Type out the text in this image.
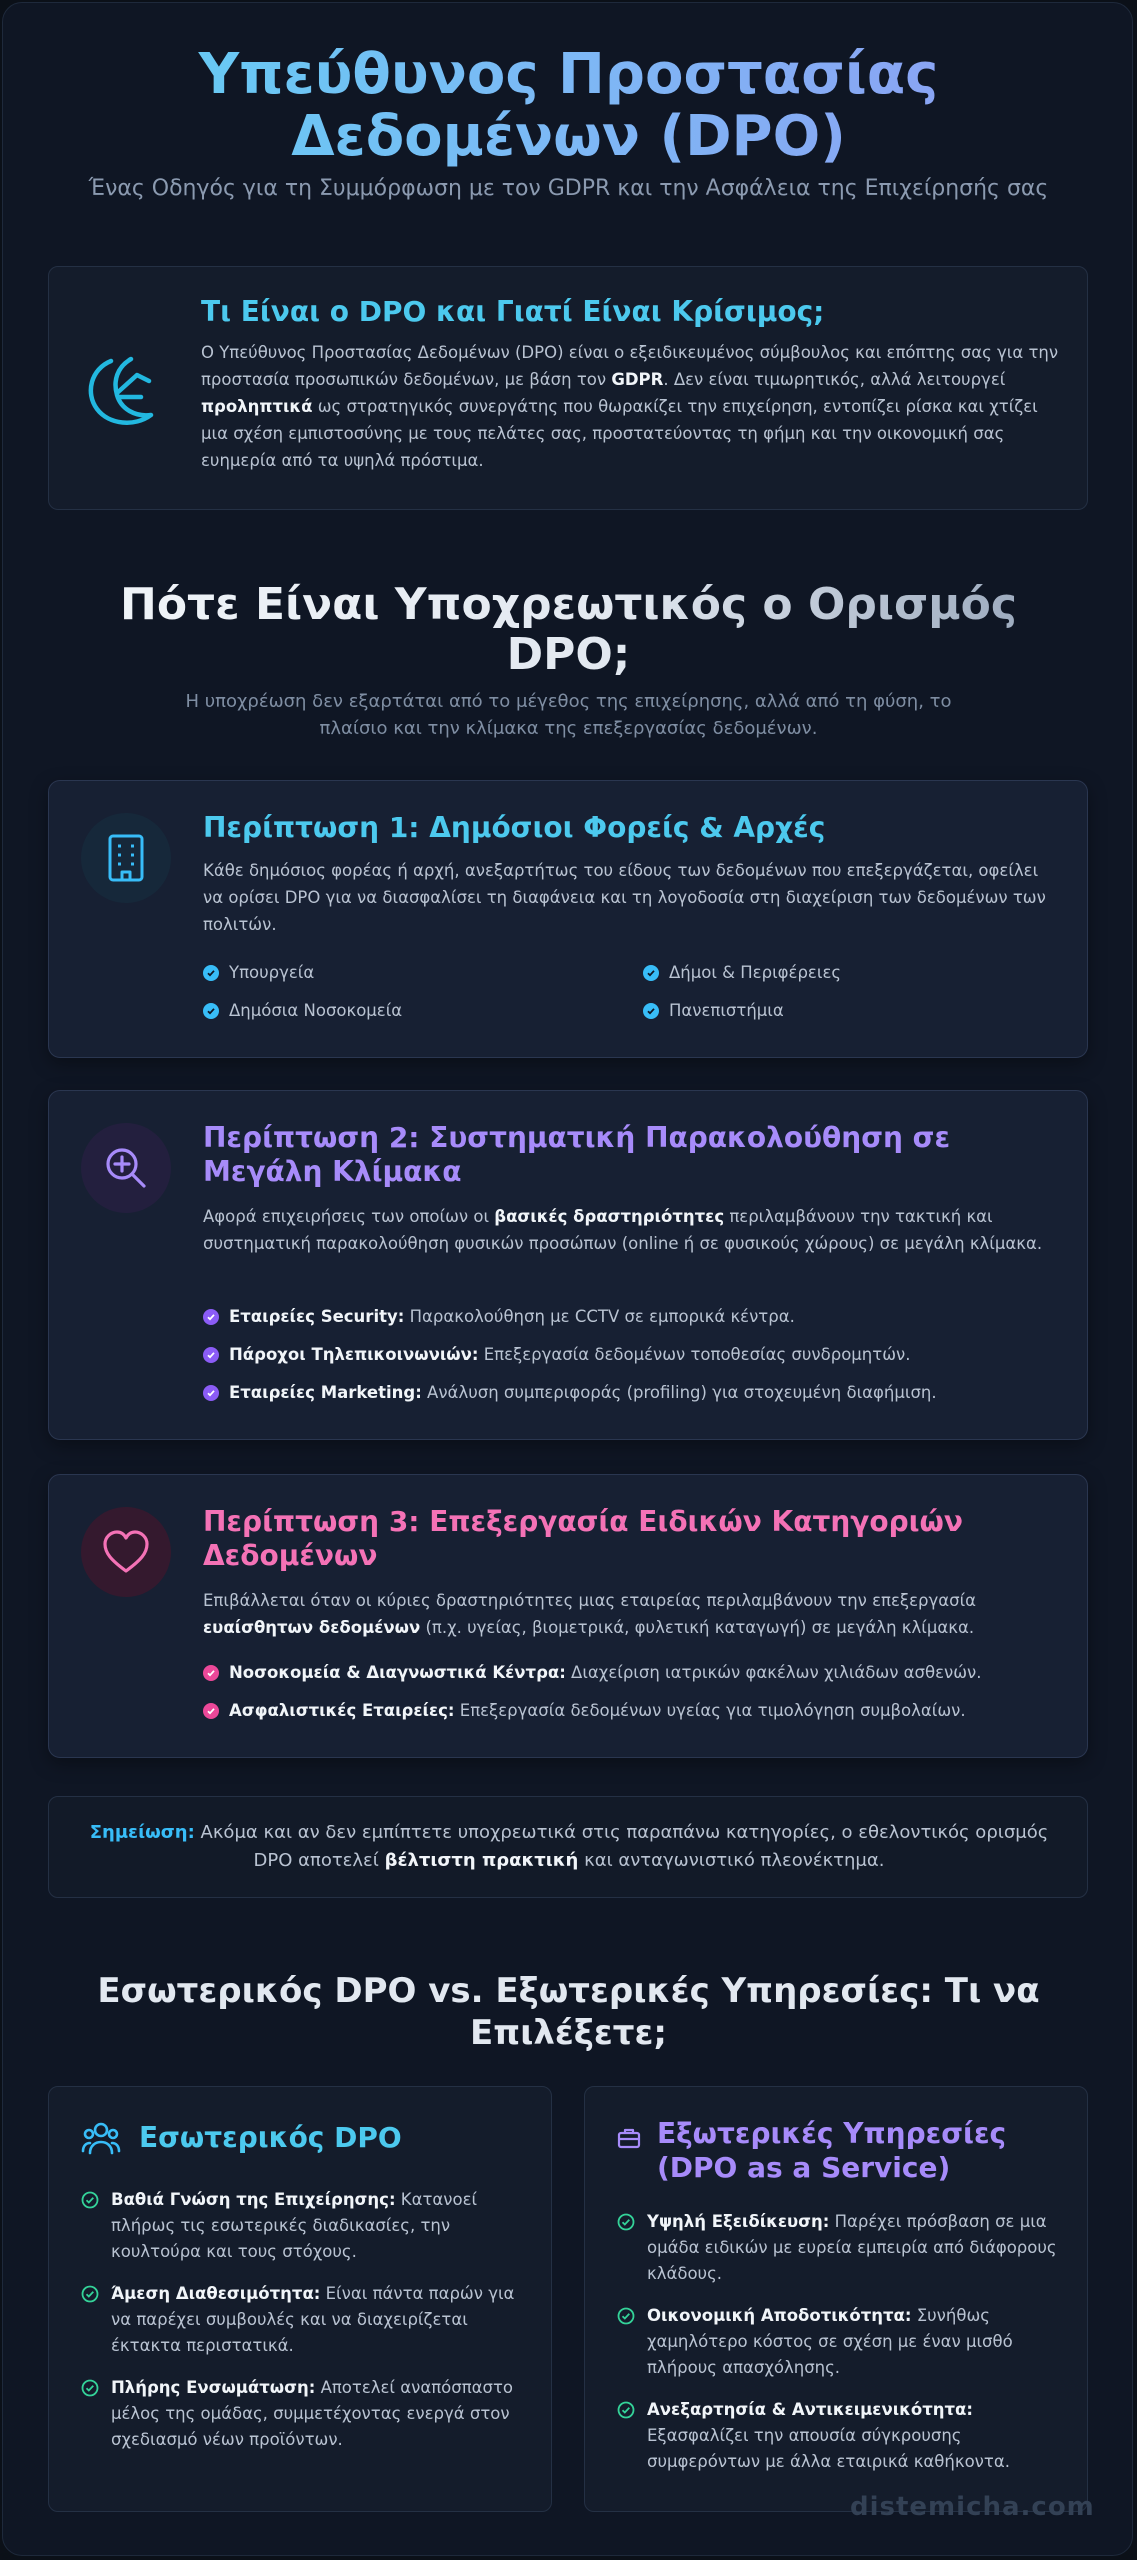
Υπεύθυνος Προστασίας Δεδομένων (DPO)
Ένας Οδηγός για τη Συμμόρφωση με τον GDPR και την Ασφάλεια της Επιχείρησής σας
Τι Είναι ο DPO και Γιατί Είναι Κρίσιμος;
Ο Υπεύθυνος Προστασίας Δεδομένων (DPO) είναι ο εξειδικευμένος σύμβουλος και επόπτης σας για την προστασία προσωπικών δεδομένων, με βάση τον GDPR. Δεν είναι τιμωρητικός, αλλά λειτουργεί προληπτικά ως στρατηγικός συνεργάτης που θωρακίζει την επιχείρηση, εντοπίζει ρίσκα και χτίζει μια σχέση εμπιστοσύνης με τους πελάτες σας, προστατεύοντας τη φήμη και την οικονομική σας ευημερία από τα υψηλά πρόστιμα.
Πότε Είναι Υποχρεωτικός ο Ορισμός DPO;
Η υποχρέωση δεν εξαρτάται από το μέγεθος της επιχείρησης, αλλά από τη φύση, το πλαίσιο και την κλίμακα της επεξεργασίας δεδομένων.
Περίπτωση 1: Δημόσιοι Φορείς & Αρχές
Κάθε δημόσιος φορέας ή αρχή, ανεξαρτήτως του είδους των δεδομένων που επεξεργάζεται, οφείλει να ορίσει DPO για να διασφαλίσει τη διαφάνεια και τη λογοδοσία στη διαχείριση των δεδομένων των πολιτών.
Υπουργεία	Δήμοι & Περιφέρειες
Δημόσια Νοσοκομεία	Πανεπιστήμια
Περίπτωση 2: Συστηματική Παρακολούθηση σε Μεγάλη Κλίμακα
Αφορά επιχειρήσεις των οποίων οι βασικές δραστηριότητες περιλαμβάνουν την τακτική και συστηματική παρακολούθηση φυσικών προσώπων (online ή σε φυσικούς χώρους) σε μεγάλη κλίμακα.
Εταιρείες Security: Παρακολούθηση με CCTV σε εμπορικά κέντρα.
Πάροχοι Τηλεπικοινωνιών: Επεξεργασία δεδομένων τοποθεσίας συνδρομητών.
Εταιρείες Marketing: Ανάλυση συμπεριφοράς (profiling) για στοχευμένη διαφήμιση.
Περίπτωση 3: Επεξεργασία Ειδικών Κατηγοριών Δεδομένων
Επιβάλλεται όταν οι κύριες δραστηριότητες μιας εταιρείας περιλαμβάνουν την επεξεργασία ευαίσθητων δεδομένων (π.χ. υγείας, βιομετρικά, φυλετική καταγωγή) σε μεγάλη κλίμακα.
Νοσοκομεία & Διαγνωστικά Κέντρα: Διαχείριση ιατρικών φακέλων χιλιάδων ασθενών.
Ασφαλιστικές Εταιρείες: Επεξεργασία δεδομένων υγείας για τιμολόγηση συμβολαίων.
Σημείωση: Ακόμα και αν δεν εμπίπτετε υποχρεωτικά στις παραπάνω κατηγορίες, ο εθελοντικός ορισμός DPO αποτελεί βέλτιστη πρακτική και ανταγωνιστικό πλεονέκτημα.
Εσωτερικός DPO vs. Εξωτερικές Υπηρεσίες: Τι να Επιλέξετε;
Εσωτερικός DPO
Βαθιά Γνώση της Επιχείρησης: Κατανοεί πλήρως τις εσωτερικές διαδικασίες, την κουλτούρα και τους στόχους.
Άμεση Διαθεσιμότητα: Είναι πάντα παρών για να παρέχει συμβουλές και να διαχειρίζεται έκτακτα περιστατικά.
Πλήρης Ενσωμάτωση: Αποτελεί αναπόσπαστο μέλος της ομάδας, συμμετέχοντας ενεργά στον σχεδιασμό νέων προϊόντων.
Εξωτερικές Υπηρεσίες (DPO as a Service)
Υψηλή Εξειδίκευση: Παρέχει πρόσβαση σε μια ομάδα ειδικών με ευρεία εμπειρία από διάφορους κλάδους.
Οικονομική Αποδοτικότητα: Συνήθως χαμηλότερο κόστος σε σχέση με έναν μισθό πλήρους απασχόλησης.
Ανεξαρτησία & Αντικειμενικότητα: Εξασφαλίζει την απουσία σύγκρουσης συμφερόντων με άλλα εταιρικά καθήκοντα.
distemicha.com
